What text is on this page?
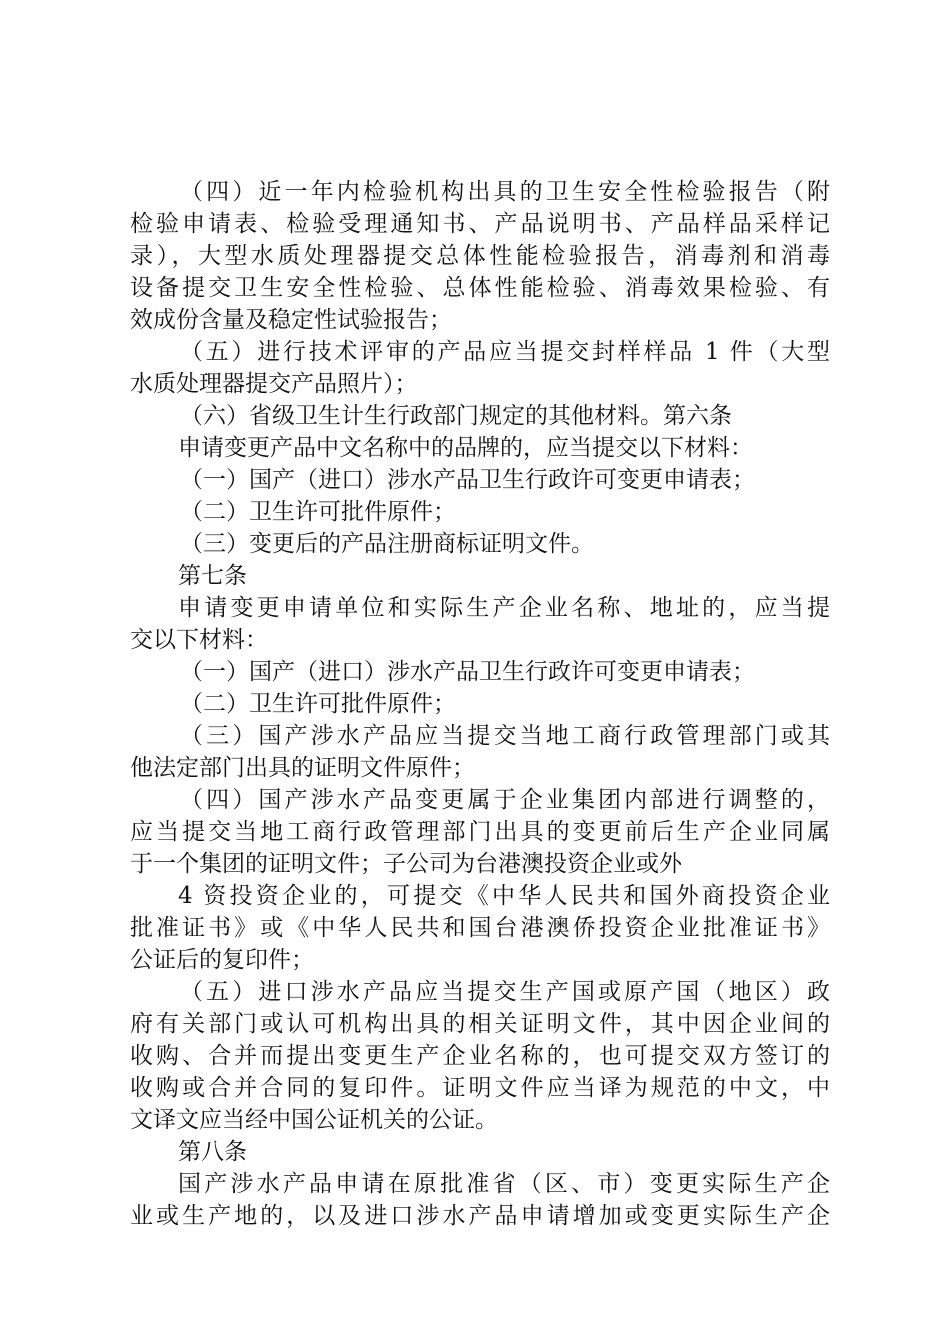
（四）近一年内检验机构出具的卫生安全性检验报告（附
检验申请表、检验受理通知书、产品说明书、产品样品采样记
录），大型水质处理器提交总体性能检验报告，消毒剂和消毒
设备提交卫生安全性检验、总体性能检验、消毒效果检验、有
效成份含量及稳定性试验报告；
（五）进行技术评审的产品应当提交封样样品 1 件（大型
水质处理器提交产品照片）；
（六）省级卫生计生行政部门规定的其他材料。第六条
申请变更产品中文名称中的品牌的，应当提交以下材料：
（一）国产（进口）涉水产品卫生行政许可变更申请表；
（二）卫生许可批件原件；
（三）变更后的产品注册商标证明文件。
第七条
申请变更申请单位和实际生产企业名称、地址的，应当提
交以下材料：
（一）国产（进口）涉水产品卫生行政许可变更申请表；
（二）卫生许可批件原件；
（三）国产涉水产品应当提交当地工商行政管理部门或其
他法定部门出具的证明文件原件；
（四）国产涉水产品变更属于企业集团内部进行调整的，
应当提交当地工商行政管理部门出具的变更前后生产企业同属
于一个集团的证明文件；子公司为台港澳投资企业或外
4 资投资企业的，可提交《中华人民共和国外商投资企业
批准证书》或《中华人民共和国台港澳侨投资企业批准证书》
公证后的复印件；
（五）进口涉水产品应当提交生产国或原产国（地区）政
府有关部门或认可机构出具的相关证明文件，其中因企业间的
收购、合并而提出变更生产企业名称的，也可提交双方签订的
收购或合并合同的复印件。证明文件应当译为规范的中文，中
文译文应当经中国公证机关的公证。
第八条
国产涉水产品申请在原批准省（区、市）变更实际生产企
业或生产地的，以及进口涉水产品申请增加或变更实际生产企
